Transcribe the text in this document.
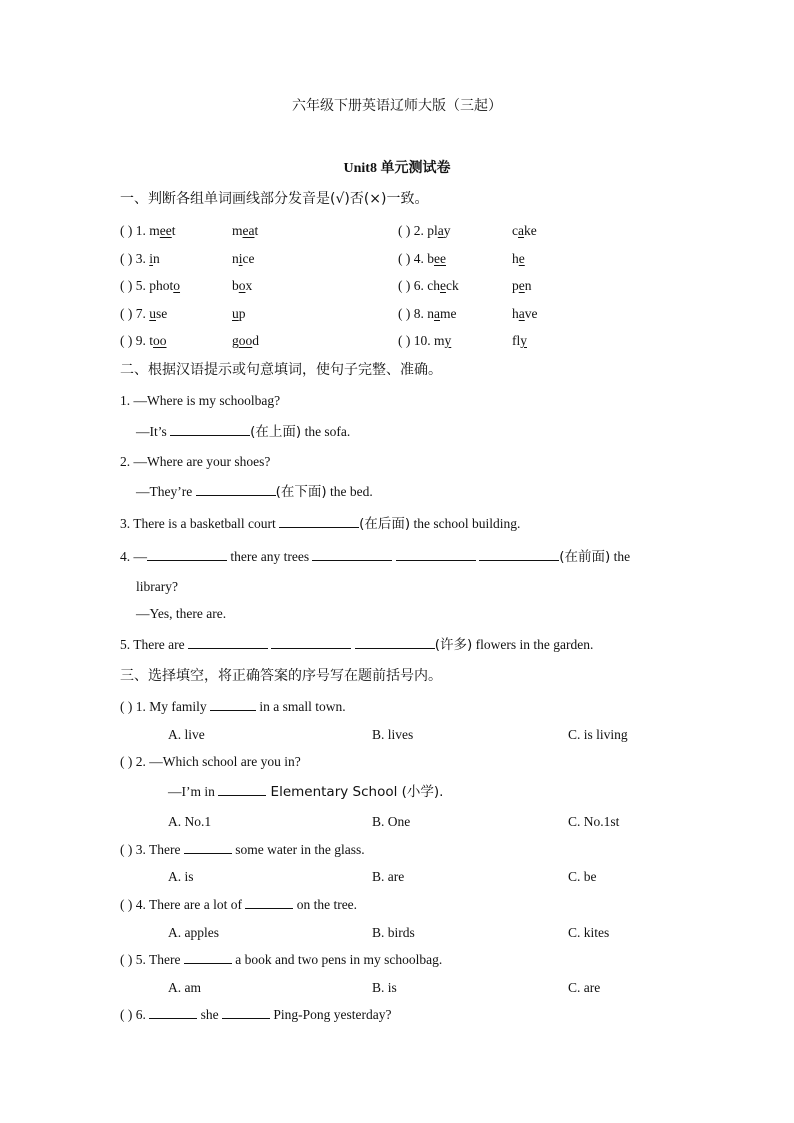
六年级下册英语辽师大版（三起）
Unit8 单元测试卷
一、判断各组单词画线部分发音是(√)否(×)一致。
( ) 1. meet	meat	( ) 2. play	cake
( ) 3. in	nice	( ) 4. bee	he
( ) 5. photo	box	( ) 6. check	pen
( ) 7. use	up	( ) 8. name	have
( ) 9. too	good	( ) 10. my	fly
二、根据汉语提示或句意填词，使句子完整、准确。
1. —Where is my schoolbag?
—It’s	(在上面) the sofa.
2. —Where are your shoes?
—They’re	(在下面) the bed.
3. There is a basketball court	(在后面) the school building.
4. —	there any trees	(在前面) the
library?
—Yes, there are.
5. There are	(许多) flowers in the garden.
三、选择填空，将正确答案的序号写在题前括号内。
( ) 1. My family	in a small town.
A. live	B. lives	C. is living
( ) 2. —Which school are you in?
—I’m in	Elementary School (小学).
A. No.1	B. One	C. No.1st
( ) 3. There	some water in the glass.
A. is	B. are	C. be
( ) 4. There are a lot of	on the tree.
A. apples	B. birds	C. kites
( ) 5. There	a book and two pens in my schoolbag.
A. am	B. is	C. are
( ) 6.	she	Ping-Pong yesterday?
